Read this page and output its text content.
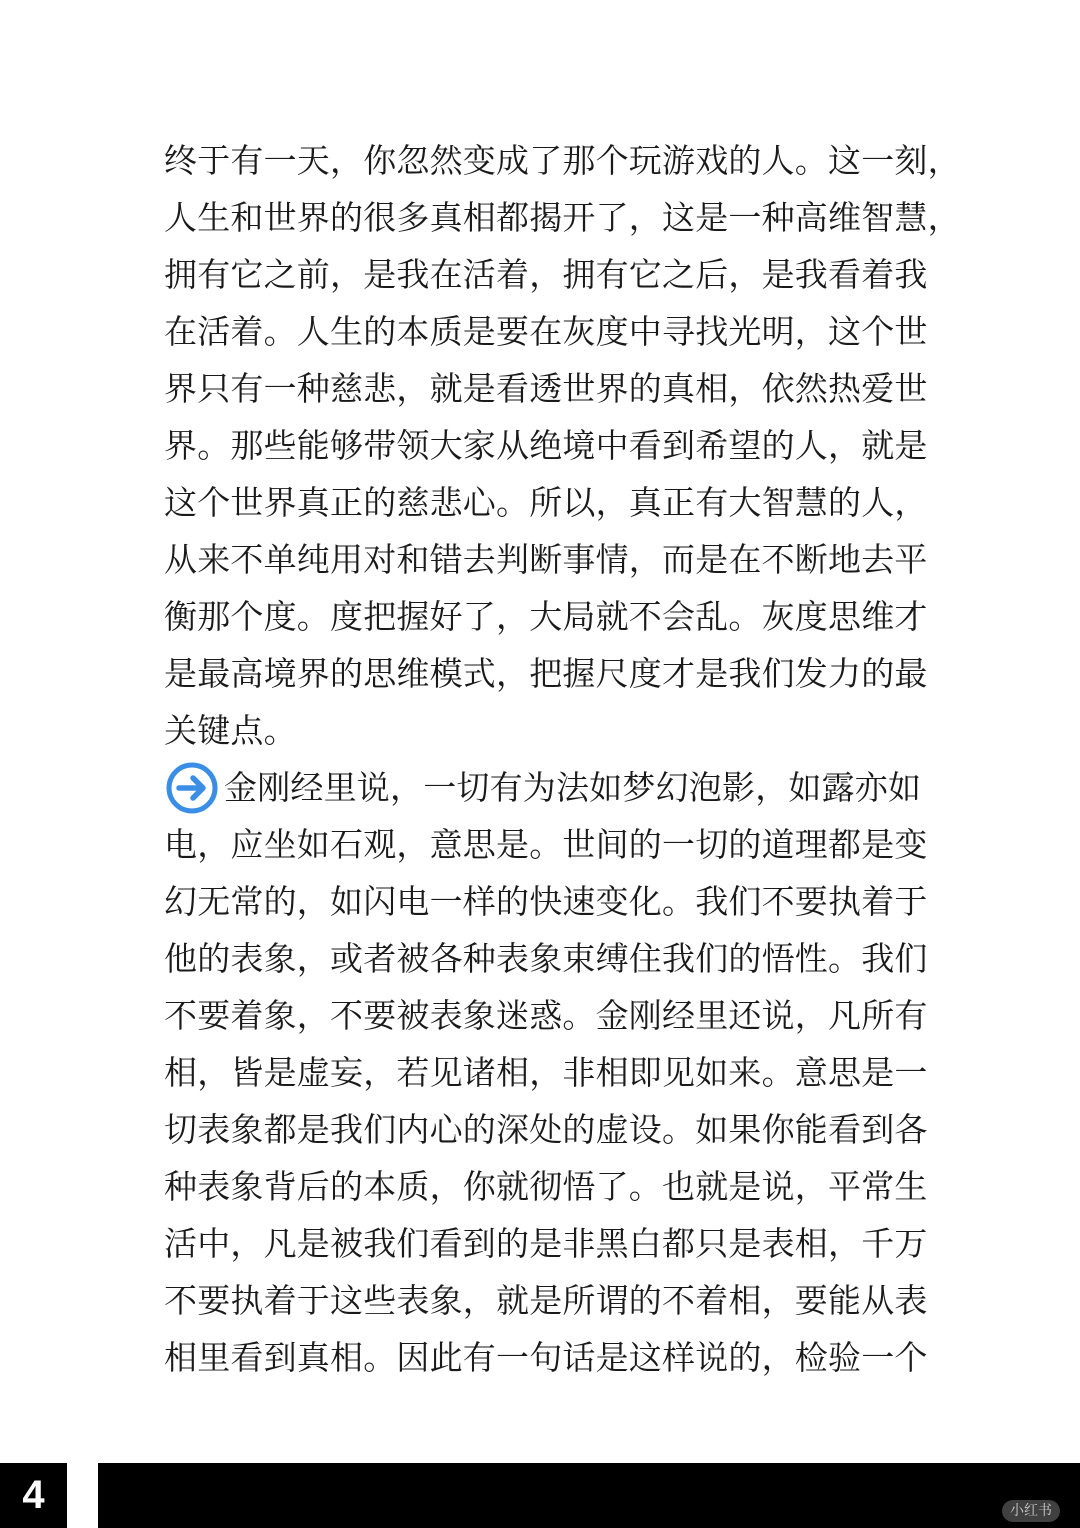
终于有一天，你忽然变成了那个玩游戏的人。这一刻，
人生和世界的很多真相都揭开了，这是一种高维智慧，
拥有它之前，是我在活着，拥有它之后，是我看着我
在活着。人生的本质是要在灰度中寻找光明，这个世
界只有一种慈悲，就是看透世界的真相，依然热爱世
界。那些能够带领大家从绝境中看到希望的人，就是
这个世界真正的慈悲心。所以，真正有大智慧的人，
从来不单纯用对和错去判断事情，而是在不断地去平
衡那个度。度把握好了，大局就不会乱。灰度思维才
是最高境界的思维模式，把握尺度才是我们发力的最
关键点。
金刚经里说，一切有为法如梦幻泡影，如露亦如
电，应坐如石观，意思是。世间的一切的道理都是变
幻无常的，如闪电一样的快速变化。我们不要执着于
他的表象，或者被各种表象束缚住我们的悟性。我们
不要着象，不要被表象迷惑。金刚经里还说，凡所有
相，皆是虚妄，若见诸相，非相即见如来。意思是一
切表象都是我们内心的深处的虚设。如果你能看到各
种表象背后的本质，你就彻悟了。也就是说，平常生
活中，凡是被我们看到的是非黑白都只是表相，千万
不要执着于这些表象，就是所谓的不着相，要能从表
相里看到真相。因此有一句话是这样说的，检验一个
4	小红书
